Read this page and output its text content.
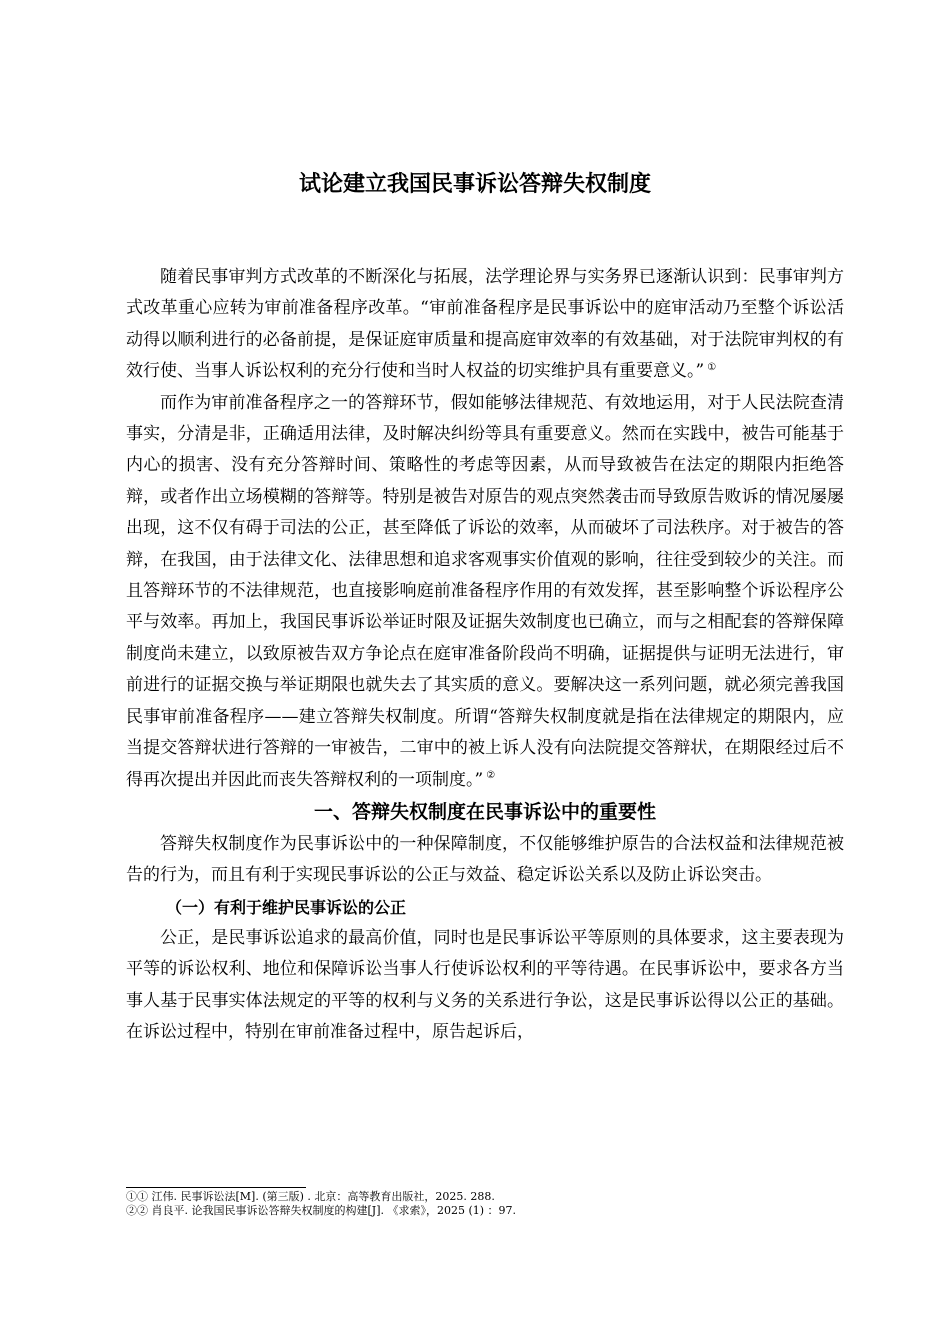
试论建立我国民事诉讼答辩失权制度

随着民事审判方式改革的不断深化与拓展，法学理论界与实务界已逐渐认识到：民事审判方式改革重心应转为审前准备程序改革。“审前准备程序是民事诉讼中的庭审活动乃至整个诉讼活动得以顺利进行的必备前提，是保证庭审质量和提高庭审效率的有效基础，对于法院审判权的有效行使、当事人诉讼权利的充分行使和当时人权益的切实维护具有重要意义。” ①

而作为审前准备程序之一的答辩环节，假如能够法律规范、有效地运用，对于人民法院查清事实，分清是非，正确适用法律，及时解决纠纷等具有重要意义。然而在实践中，被告可能基于内心的损害、没有充分答辩时间、策略性的考虑等因素，从而导致被告在法定的期限内拒绝答辩，或者作出立场模糊的答辩等。特别是被告对原告的观点突然袭击而导致原告败诉的情况屡屡出现，这不仅有碍于司法的公正，甚至降低了诉讼的效率，从而破坏了司法秩序。对于被告的答辩，在我国，由于法律文化、法律思想和追求客观事实价值观的影响，往往受到较少的关注。而且答辩环节的不法律规范，也直接影响庭前准备程序作用的有效发挥，甚至影响整个诉讼程序公平与效率。再加上，我国民事诉讼举证时限及证据失效制度也已确立，而与之相配套的答辩保障制度尚未建立，以致原被告双方争论点在庭审准备阶段尚不明确，证据提供与证明无法进行，审前进行的证据交换与举证期限也就失去了其实质的意义。要解决这一系列问题，就必须完善我国民事审前准备程序——建立答辩失权制度。所谓“答辩失权制度就是指在法律规定的期限内，应当提交答辩状进行答辩的一审被告，二审中的被上诉人没有向法院提交答辩状，在期限经过后不得再次提出并因此而丧失答辩权利的一项制度。” ②

一、答辩失权制度在民事诉讼中的重要性

答辩失权制度作为民事诉讼中的一种保障制度，不仅能够维护原告的合法权益和法律规范被告的行为，而且有利于实现民事诉讼的公正与效益、稳定诉讼关系以及防止诉讼突击。

（一）有利于维护民事诉讼的公正

公正，是民事诉讼追求的最高价值，同时也是民事诉讼平等原则的具体要求，这主要表现为平等的诉讼权利、地位和保障诉讼当事人行使诉讼权利的平等待遇。在民事诉讼中，要求各方当事人基于民事实体法规定的平等的权利与义务的关系进行争讼，这是民事诉讼得以公正的基础。在诉讼过程中，特别在审前准备过程中，原告起诉后，

①① 江伟. 民事诉讼法[M]. (第三版) . 北京：高等教育出版社，2025. 288.

②② 肖良平. 论我国民事诉讼答辩失权制度的构建[J]. 《求索》，2025 (1) ：97.
